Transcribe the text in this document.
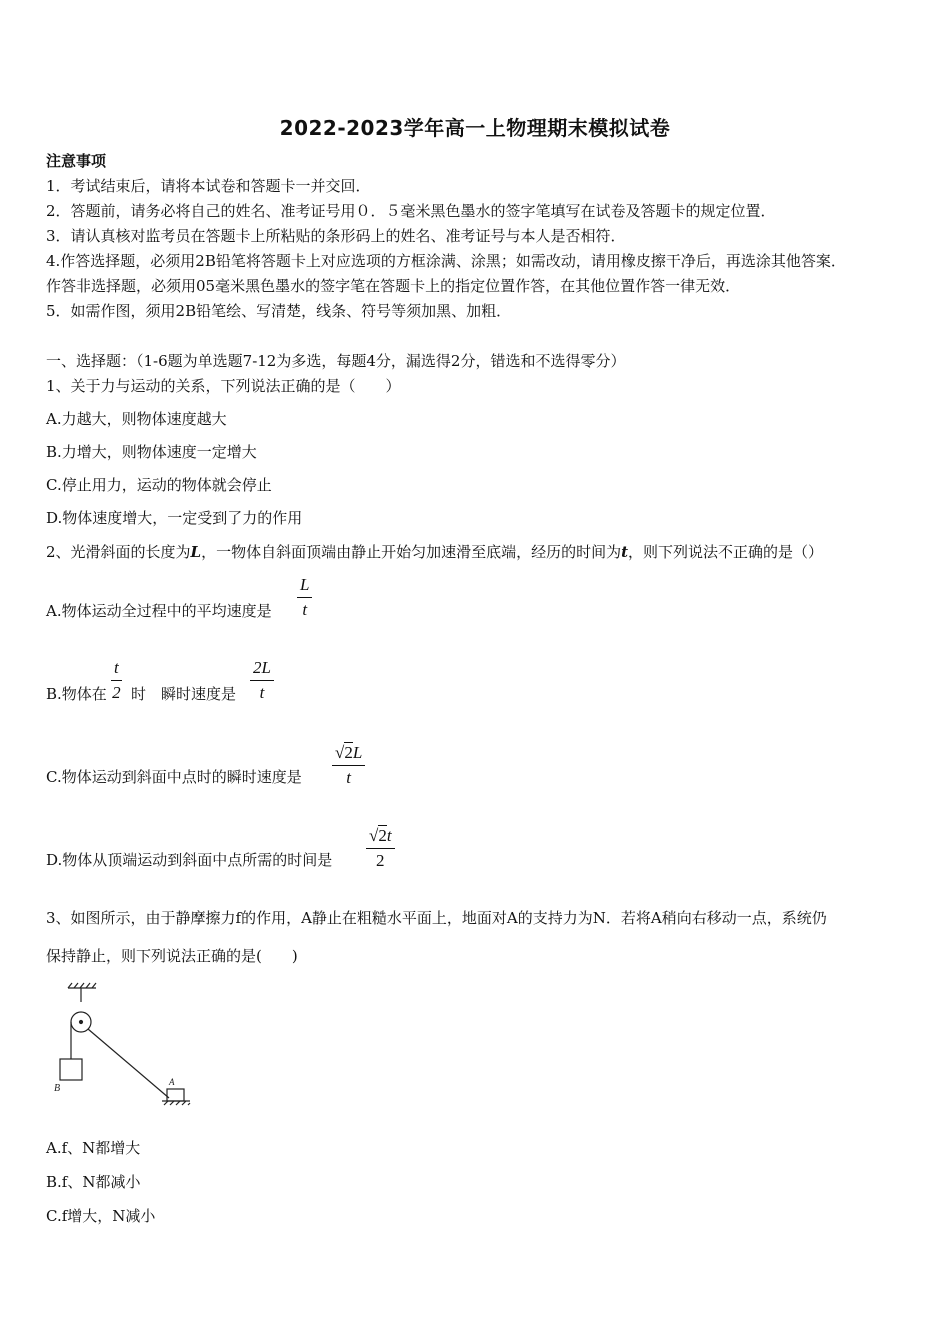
2022-2023学年高一上物理期末模拟试卷
注意事项
1．考试结束后，请将本试卷和答题卡一并交回．
2．答题前，请务必将自己的姓名、准考证号用０．５毫米黑色墨水的签字笔填写在试卷及答题卡的规定位置．
3．请认真核对监考员在答题卡上所粘贴的条形码上的姓名、准考证号与本人是否相符．
4.作答选择题，必须用2B铅笔将答题卡上对应选项的方框涂满、涂黑；如需改动，请用橡皮擦干净后，再选涂其他答案．
作答非选择题，必须用05毫米黑色墨水的签字笔在答题卡上的指定位置作答，在其他位置作答一律无效．
5．如需作图，须用2B铅笔绘、写清楚，线条、符号等须加黑、加粗．
一、选择题：（1-6题为单选题7-12为多选，每题4分，漏选得2分，错选和不选得零分）
1、关于力与运动的关系，下列说法正确的是（　　）
A.力越大，则物体速度越大
B.力增大，则物体速度一定增大
C.停止用力，运动的物体就会停止
D.物体速度增大，一定受到了力的作用
2、光滑斜面的长度为L，一物体自斜面顶端由静止开始匀加速滑至底端，经历的时间为t，则下列说法不正确的是（）
A.物体运动全过程中的平均速度是 $\frac{L}{t}$
B.物体在 $\frac{t}{2}$ 时　瞬时速度是 $\frac{2L}{t}$
C.物体运动到斜面中点时的瞬时速度是 $\frac{√2L}{t}$
D.物体从顶端运动到斜面中点所需的时间是 $\frac{√2t}{2}$
3、如图所示，由于静摩擦力f的作用，A静止在粗糙水平面上，地面对A的支持力为N．若将A稍向右移动一点，系统仍
保持静止，则下列说法正确的是(　　)
B
A
A.f、N都增大
B.f、N都减小
C.f增大，N减小
